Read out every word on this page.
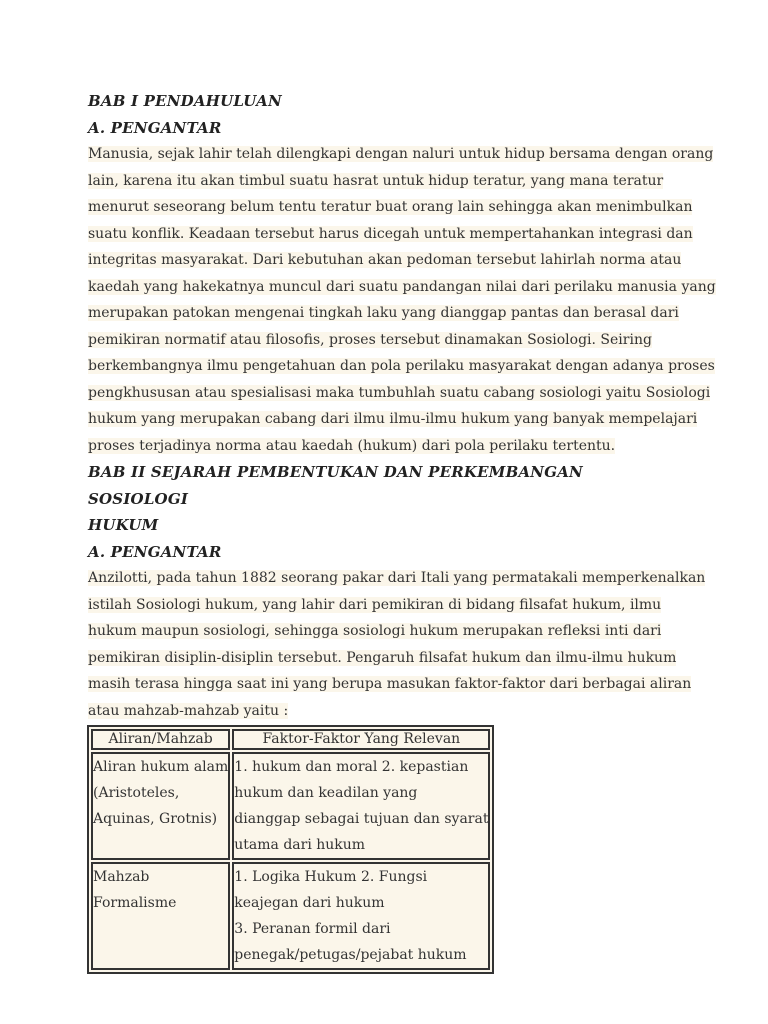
BAB I PENDAHULUAN
A. PENGANTAR
Manusia, sejak lahir telah dilengkapi dengan naluri untuk hidup bersama dengan orang
lain, karena itu akan timbul suatu hasrat untuk hidup teratur, yang mana teratur
menurut seseorang belum tentu teratur buat orang lain sehingga akan menimbulkan
suatu konflik. Keadaan tersebut harus dicegah untuk mempertahankan integrasi dan
integritas masyarakat. Dari kebutuhan akan pedoman tersebut lahirlah norma atau
kaedah yang hakekatnya muncul dari suatu pandangan nilai dari perilaku manusia yang
merupakan patokan mengenai tingkah laku yang dianggap pantas dan berasal dari
pemikiran normatif atau filosofis, proses tersebut dinamakan Sosiologi. Seiring
berkembangnya ilmu pengetahuan dan pola perilaku masyarakat dengan adanya proses
pengkhususan atau spesialisasi maka tumbuhlah suatu cabang sosiologi yaitu Sosiologi
hukum yang merupakan cabang dari ilmu ilmu-ilmu hukum yang banyak mempelajari
proses terjadinya norma atau kaedah (hukum) dari pola perilaku tertentu.
BAB II SEJARAH PEMBENTUKAN DAN PERKEMBANGAN SOSIOLOGI
HUKUM
A. PENGANTAR
Anzilotti, pada tahun 1882 seorang pakar dari Itali yang permatakali memperkenalkan
istilah Sosiologi hukum, yang lahir dari pemikiran di bidang filsafat hukum, ilmu
hukum maupun sosiologi, sehingga sosiologi hukum merupakan refleksi inti dari
pemikiran disiplin-disiplin tersebut. Pengaruh filsafat hukum dan ilmu-ilmu hukum
masih terasa hingga saat ini yang berupa masukan faktor-faktor dari berbagai aliran
atau mahzab-mahzab yaitu :
Aliran/Mahzab	Faktor-Faktor Yang Relevan

Aliran hukum alam
(Aristoteles,
Aquinas, Grotnis)	1. hukum dan moral 2. kepastian
hukum dan keadilan yang
dianggap sebagai tujuan dan syarat
utama dari hukum

Mahzab
Formalisme	1. Logika Hukum 2. Fungsi
keajegan dari hukum
3. Peranan formil dari
penegak/petugas/pejabat hukum
